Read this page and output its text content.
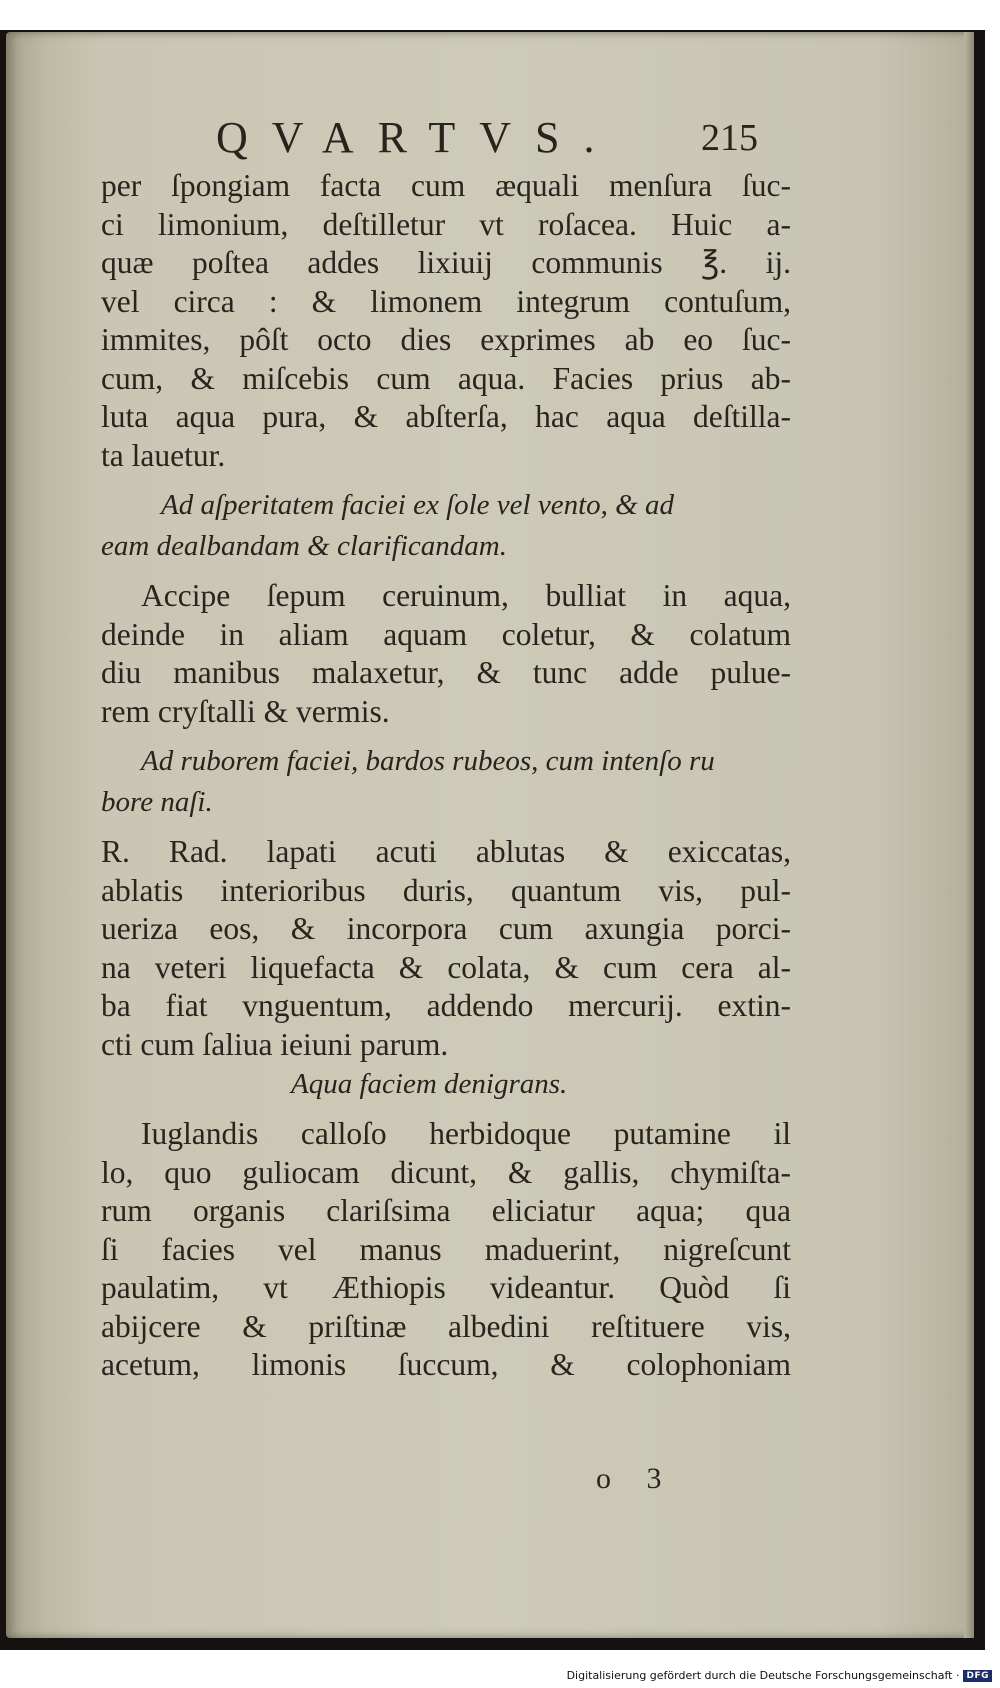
QVARTVS. 215
per ſpongiam facta cum æquali menſura ſuc-
ci limonium, deſtilletur vt roſacea. Huic a-
quæ poſtea addes lixiuij communis ℥. ij.
vel circa : & limonem integrum contuſum,
immites, pôſt octo dies exprimes ab eo ſuc-
cum, & miſcebis cum aqua. Facies prius ab-
luta aqua pura, & abſterſa, hac aqua deſtilla-
ta lauetur.
Ad aſperitatem faciei ex ſole vel vento, & ad
eam dealbandam & clarificandam.
Accipe ſepum ceruinum, bulliat in aqua,
deinde in aliam aquam coletur, & colatum
diu manibus malaxetur, & tunc adde pulue-
rem cryſtalli & vermis.
Ad ruborem faciei, bardos rubeos, cum intenſo ru
bore naſi.
R. Rad. lapati acuti ablutas & exiccatas,
ablatis interioribus duris, quantum vis, pul-
ueriza eos, & incorpora cum axungia porci-
na veteri liquefacta & colata, & cum cera al-
ba fiat vnguentum, addendo mercurij. extin-
cti cum ſaliua ieiuni parum.
Aqua faciem denigrans.
Iuglandis calloſo herbidoque putamine il
lo, quo guliocam dicunt, & gallis, chymiſta-
rum organis clariſsima eliciatur aqua; qua
ſi facies vel manus maduerint, nigreſcunt
paulatim, vt Æthiopis videantur. Quòd ſi
abijcere & priſtinæ albedini reſtituere vis,
acetum, limonis ſuccum, & colophoniam
o 3
Digitalisierung gefördert durch die Deutsche Forschungsgemeinschaft · DFG
